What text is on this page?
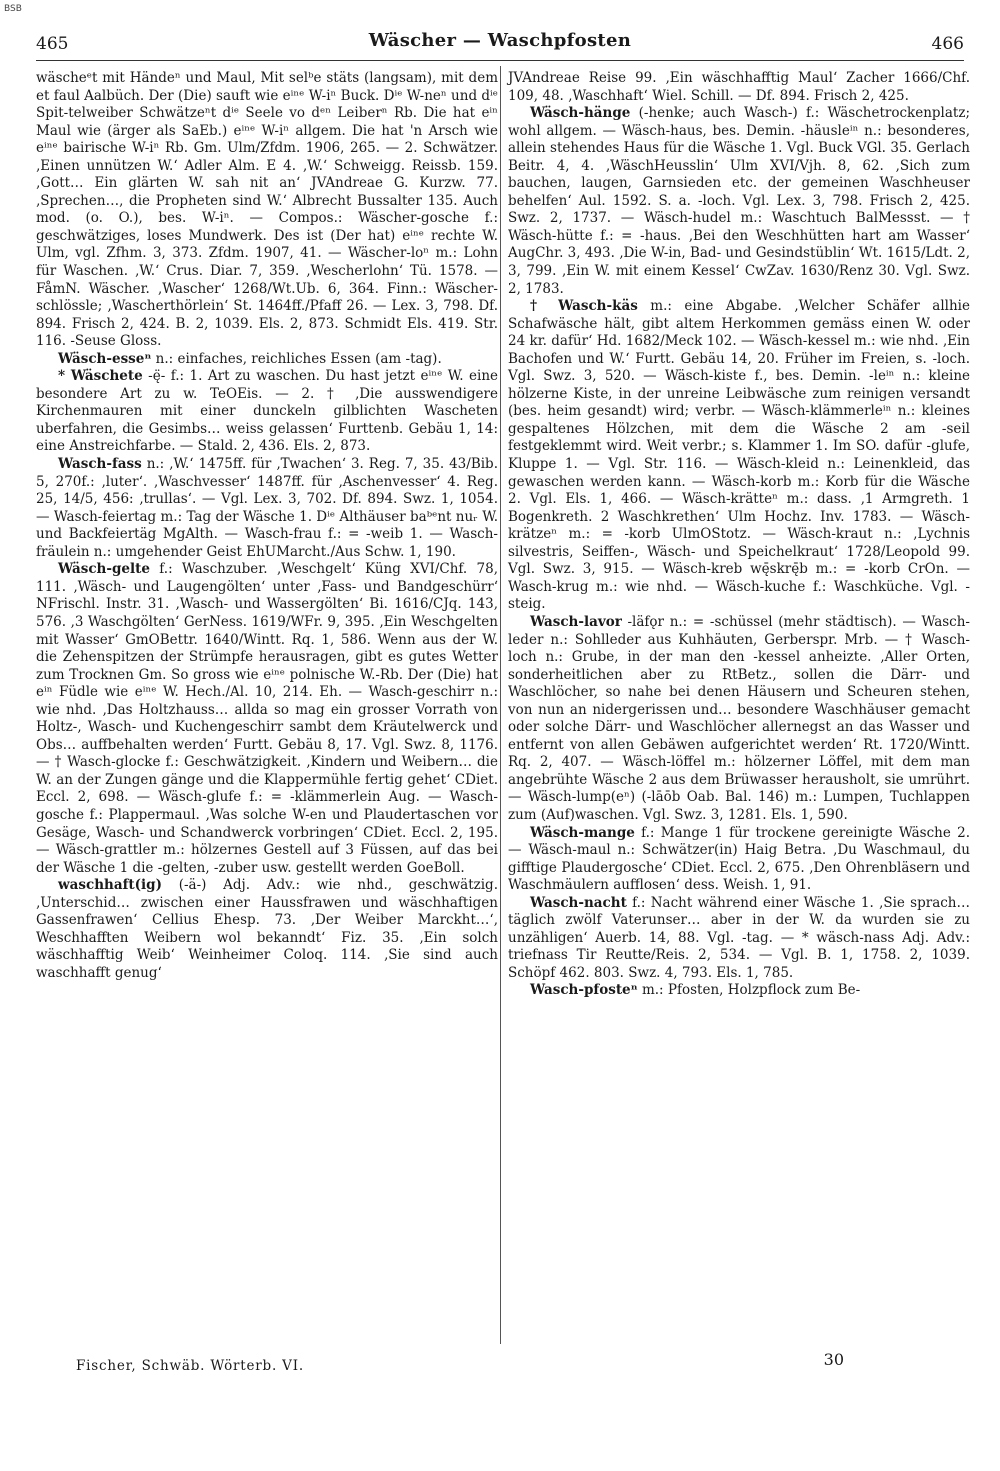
BSB
465	Wäscher — Waschpfosten	466

wäscheᵉt mit Händeⁿ und Maul, Mit selᵇe stäts (langsam), mit dem et faul Aalbüch. Der (Die) sauft wie eⁱⁿᵉ W-iⁿ Buck. Dⁱᵉ W-neⁿ und dⁱᵉ Spit-telweiber Schwätzeⁿt dⁱᵉ Seele vo dᵉⁿ Leiberⁿ Rb. Die hat eⁱⁿ Maul wie (ärger als SaEb.) eⁱⁿᵉ W-iⁿ allgem. Die hat 'n Arsch wie eⁱⁿᵉ bairische W-iⁿ Rb. Gm. Ulm/Zfdm. 1906, 265. — 2. Schwätzer. ‚Einen unnützen W.‘ Adler Alm. E 4. ‚W.‘ Schweigg. Reissb. 159. ‚Gott… Ein glärten W. sah nit an‘ JVAndreae G. Kurzw. 77. ‚Sprechen…, die Propheten sind W.‘ Albrecht Bussalter 135. Auch mod. (o. O.), bes. W-iⁿ. — Compos.: Wäscher-gosche f.: geschwätziges, loses Mundwerk. Des ist (Der hat) eⁱⁿᵉ rechte W. Ulm, vgl. Zfhm. 3, 373. Zfdm. 1907, 41. — Wäscher-loⁿ m.: Lohn für Waschen. ‚W.‘ Crus. Diar. 7, 359. ‚Wescherlohn‘ Tü. 1578. — FåmN. Wäscher. ‚Wascher‘ 1268/Wt.Ub. 6, 364. Finn.: Wäscher-schlössle; ‚Wascherthörlein‘ St. 1464ff./Pfaff 26. — Lex. 3, 798. Df. 894. Frisch 2, 424. B. 2, 1039. Els. 2, 873. Schmidt Els. 419. Str. 116. -Seuse Gloss.

Wäsch-esseⁿ n.: einfaches, reichliches Essen (am -tag).

* Wäschete -ę̈- f.: 1. Art zu waschen. Du hast jetzt eⁱⁿᵉ W. eine besondere Art zu w. TeOEis. — 2. † ‚Die ausswendigere Kirchenmauren mit einer dunckeln gilblichten Wascheten uberfahren, die Gesimbs… weiss gelassen‘ Furttenb. Gebäu 1, 14: eine Anstreichfarbe. — Stald. 2, 436. Els. 2, 873.

Wasch-fass n.: ‚W.‘ 1475ff. für ‚Twachen‘ 3. Reg. 7, 35. 43/Bib. 5, 270f.: ‚luter‘. ‚Waschvesser‘ 1487ff. für ‚Aschenvesser‘ 4. Reg. 25, 14/5, 456: ‚trullas‘. — Vgl. Lex. 3, 702. Df. 894. Swz. 1, 1054. — Wasch-feiertag m.: Tag der Wäsche 1. Dⁱᵉ Althäuser baᵇᵉnt nuᵣ W. und Backfeiertäg MgAlth. — Wasch-frau f.: = -weib 1. — Wasch-fräulein n.: umgehender Geist EhUMarcht./Aus Schw. 1, 190.

Wäsch-gelte f.: Waschzuber. ‚Weschgelt‘ Küng XVI/Chf. 78, 111. ‚Wäsch- und Laugengölten‘ unter ‚Fass- und Bandgeschürr‘ NFrischl. Instr. 31. ‚Wasch- und Wassergölten‘ Bi. 1616/CJq. 143, 576. ‚3 Waschgölten‘ GerNess. 1619/WFr. 9, 395. ‚Ein Weschgelten mit Wasser‘ GmOBettr. 1640/Wintt. Rq. 1, 586. Wenn aus der W. die Zehenspitzen der Strümpfe herausragen, gibt es gutes Wetter zum Trocknen Gm. So gross wie eⁱⁿᵉ polnische W.-Rb. Der (Die) hat eⁱⁿ Füdle wie eⁱⁿᵉ W. Hech./Al. 10, 214. Eh. — Wasch-geschirr n.: wie nhd. ‚Das Holtzhauss… allda so mag ein grosser Vorrath von Holtz-, Wasch- und Kuchengeschirr sambt dem Kräutelwerck und Obs… auffbehalten werden‘ Furtt. Gebäu 8, 17. Vgl. Swz. 8, 1176. — † Wasch-glocke f.: Geschwätzigkeit. ‚Kindern und Weibern… die W. an der Zungen gänge und die Klappermühle fertig gehet‘ CDiet. Eccl. 2, 698. — Wäsch-glufe f.: = -klämmerlein Aug. — Wasch-gosche f.: Plappermaul. ‚Was solche W-en und Plaudertaschen vor Gesäge, Wasch- und Schandwerck vorbringen‘ CDiet. Eccl. 2, 195. — Wäsch-grattler m.: hölzernes Gestell auf 3 Füssen, auf das bei der Wäsche 1 die -gelten, -zuber usw. gestellt werden GoeBoll.

waschhaft(ig) (-ä-) Adj. Adv.: wie nhd., geschwätzig. ‚Unterschid… zwischen einer Haussfrawen und wäschhaftigen Gassenfrawen‘ Cellius Ehesp. 73. ‚Der Weiber Marckht…‘, Weschhafften Weibern wol bekanndt‘ Fiz. 35. ‚Ein solch wäschhafftig Weib‘ Weinheimer Coloq. 114. ‚Sie sind auch waschhafft genug‘

JVAndreae Reise 99. ‚Ein wäschhafftig Maul‘ Zacher 1666/Chf. 109, 48. ‚Waschhaft‘ Wiel. Schill. — Df. 894. Frisch 2, 425.

Wäsch-hänge (-henke; auch Wasch-) f.: Wäschetrockenplatz; wohl allgem. — Wäsch-haus, bes. Demin. -häusleⁱⁿ n.: besonderes, allein stehendes Haus für die Wäsche 1. Vgl. Buck VGl. 35. Gerlach Beitr. 4, 4. ‚WäschHeusslin‘ Ulm XVI/Vjh. 8, 62. ‚Sich zum bauchen, laugen, Garnsieden etc. der gemeinen Waschheuser behelfen‘ Aul. 1592. S. a. -loch. Vgl. Lex. 3, 798. Frisch 2, 425. Swz. 2, 1737. — Wäsch-hudel m.: Waschtuch BalMessst. — † Wäsch-hütte f.: = -haus. ‚Bei den Weschhütten hart am Wasser‘ AugChr. 3, 493. ‚Die W-in, Bad- und Gesindstüblin‘ Wt. 1615/Ldt. 2, 3, 799. ‚Ein W. mit einem Kessel‘ CwZav. 1630/Renz 30. Vgl. Swz. 2, 1783.

† Wasch-käs m.: eine Abgabe. ‚Welcher Schäfer allhie Schafwäsche hält, gibt altem Herkommen gemäss einen W. oder 24 kr. dafür‘ Hd. 1682/Meck 102. — Wäsch-kessel m.: wie nhd. ‚Ein Bachofen und W.‘ Furtt. Gebäu 14, 20. Früher im Freien, s. -loch. Vgl. Swz. 3, 520. — Wäsch-kiste f., bes. Demin. -leⁱⁿ n.: kleine hölzerne Kiste, in der unreine Leibwäsche zum reinigen versandt (bes. heim gesandt) wird; verbr. — Wäsch-klämmerleⁱⁿ n.: kleines gespaltenes Hölzchen, mit dem die Wäsche 2 am -seil festgeklemmt wird. Weit verbr.; s. Klammer 1. Im SO. dafür -glufe, Kluppe 1. — Vgl. Str. 116. — Wäsch-kleid n.: Leinenkleid, das gewaschen werden kann. — Wäsch-korb m.: Korb für die Wäsche 2. Vgl. Els. 1, 466. — Wäsch-krätteⁿ m.: dass. ‚1 Armgreth. 1 Bogenkreth. 2 Waschkrethen‘ Ulm Hochz. Inv. 1783. — Wäsch-krätzeⁿ m.: = -korb UlmOStotz. — Wäsch-kraut n.: ‚Lychnis silvestris, Seiffen-, Wäsch- und Speichelkraut‘ 1728/Leopold 99. Vgl. Swz. 3, 915. — Wäsch-kreb wę̄skrę̄b m.: = -korb CrOn. — Wasch-krug m.: wie nhd. — Wäsch-kuche f.: Waschküche. Vgl. -steig.

Wasch-lavor -läfǫr n.: = -schüssel (mehr städtisch). — Wasch-leder n.: Sohlleder aus Kuhhäuten, Gerberspr. Mrb. — † Wasch-loch n.: Grube, in der man den -kessel anheizte. ‚Aller Orten, sonderheitlichen aber zu RtBetz., sollen die Därr- und Waschlöcher, so nahe bei denen Häusern und Scheuren stehen, von nun an nidergerissen und… besondere Waschhäuser gemacht oder solche Därr- und Waschlöcher allernegst an das Wasser und entfernt von allen Gebäwen aufgerichtet werden‘ Rt. 1720/Wintt. Rq. 2, 407. — Wäsch-löffel m.: hölzerner Löffel, mit dem man angebrühte Wäsche 2 aus dem Brüwasser herausholt, sie umrührt. — Wäsch-lump(eⁿ) (-lāōb Oab. Bal. 146) m.: Lumpen, Tuchlappen zum (Auf)waschen. Vgl. Swz. 3, 1281. Els. 1, 590.

Wäsch-mange f.: Mange 1 für trockene gereinigte Wäsche 2. — Wäsch-maul n.: Schwätzer(in) Haig Betra. ‚Du Waschmaul, du gifftige Plaudergosche‘ CDiet. Eccl. 2, 675. ‚Den Ohrenbläsern und Waschmäulern aufflosen‘ dess. Weish. 1, 91.

Wasch-nacht f.: Nacht während einer Wäsche 1. ‚Sie sprach… täglich zwölf Vaterunser… aber in der W. da wurden sie zu unzähligen‘ Auerb. 14, 88. Vgl. -tag. — * wäsch-nass Adj. Adv.: triefnass Tir Reutte/Reis. 2, 534. — Vgl. B. 1, 1758. 2, 1039. Schöpf 462. 803. Swz. 4, 793. Els. 1, 785.

Wasch-pfosteⁿ m.: Pfosten, Holzpflock zum Be-

Fischer, Schwäb. Wörterb. VI.	30
